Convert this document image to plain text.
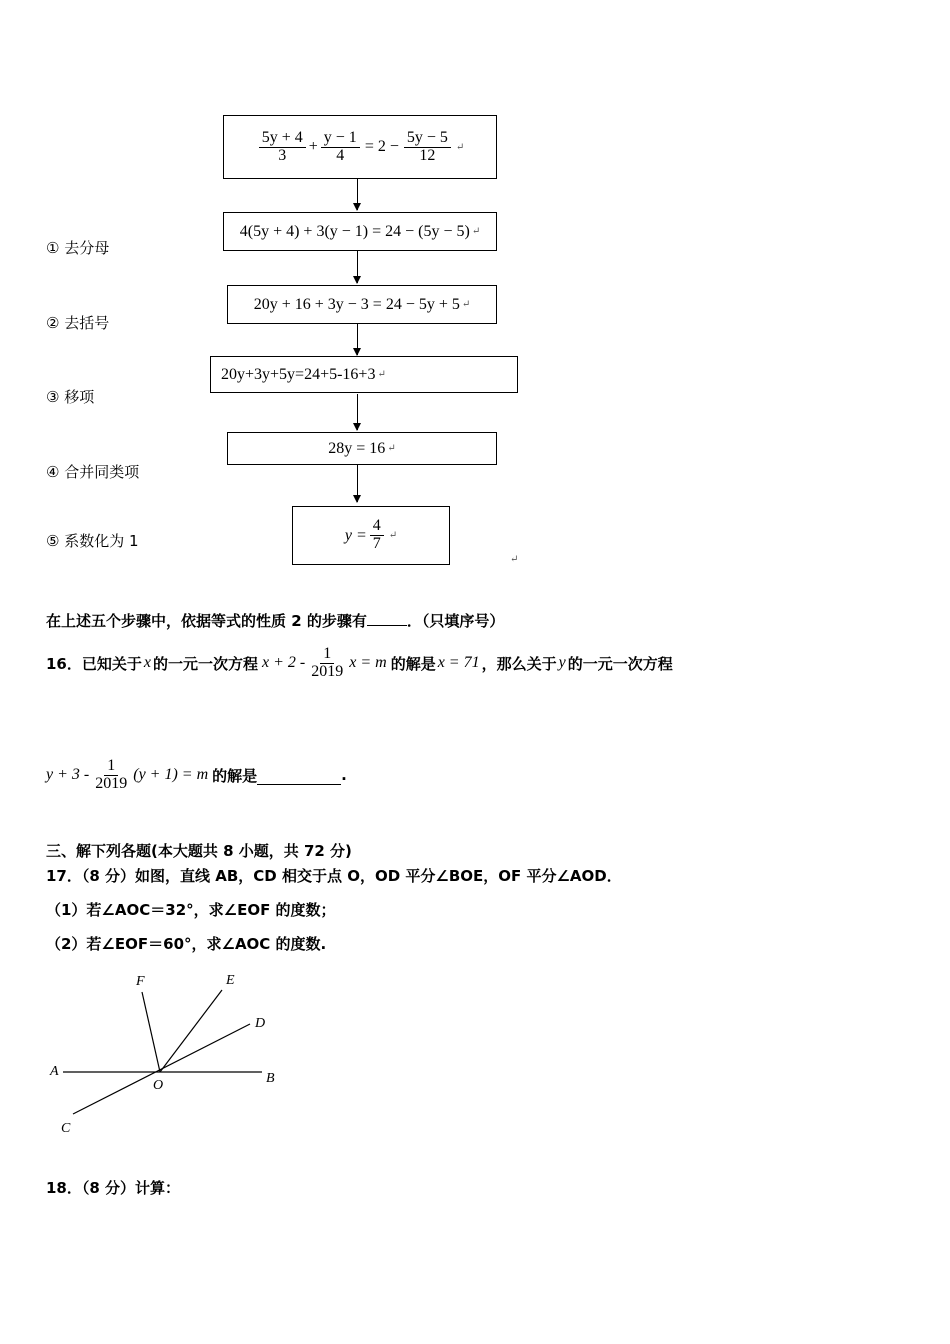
$\frac{5y + 4}{3} + \frac{y - 1}{4} = 2 - \frac{5y - 5}{12}$ ↵
4(5y + 4) + 3(y − 1) = 24 − (5y − 5) ↵
20y + 16 + 3y − 3 = 24 − 5y + 5 ↵
20y+3y+5y=24+5-16+3 ↵
28y = 16 ↵
$y = \frac{4}{7}$ ↵
↵
① 去分母
② 去括号
③ 移项
④ 合并同类项
⑤ 系数化为 1
在上述五个步骤中，依据等式的性质 2 的步骤有	．（只填序号）
16．已知关于 x 的一元一次方程 $x + 2 - \frac{1}{2019}$ x = m 的解是 x = 71 ，那么关于 y 的一元一次方程
$y + 3 - \frac{1}{2019} (y + 1) = m$ 的解是	.
三、解下列各题(本大题共 8 小题，共 72 分)
17．（8 分）如图，直线 AB，CD 相交于点 O，OD 平分∠BOE，OF 平分∠AOD．
（1）若∠AOC＝32°，求∠EOF 的度数；
（2）若∠EOF＝60°，求∠AOC 的度数.
A	B
C
D
E
F
O
18．（8 分）计算：
